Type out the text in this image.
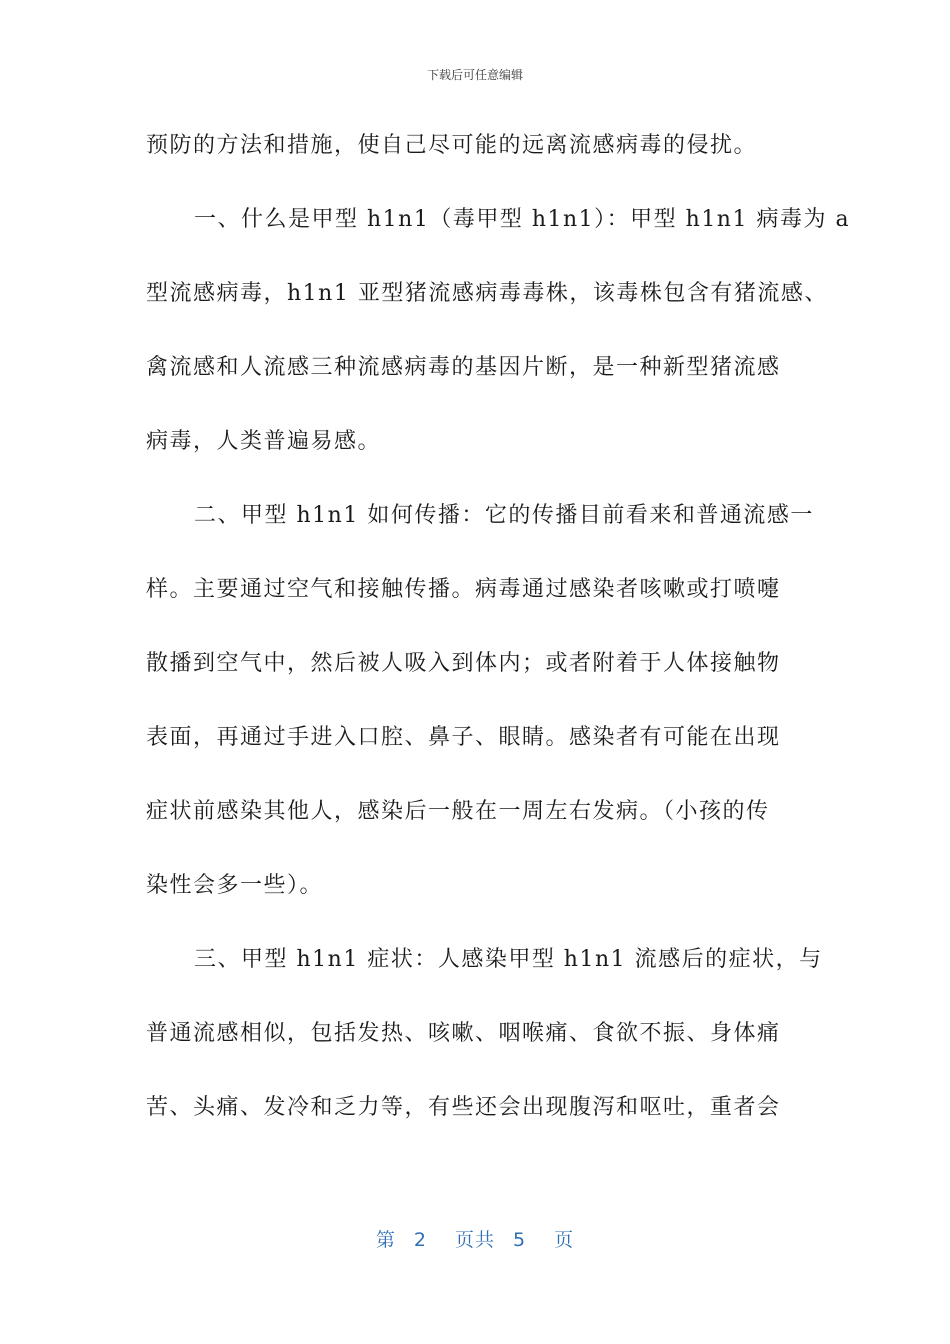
下载后可任意编辑
预防的方法和措施，使自己尽可能的远离流感病毒的侵扰。
一、什么是甲型 h1n1（毒甲型 h1n1）：甲型 h1n1 病毒为 a
型流感病毒，h1n1 亚型猪流感病毒毒株，该毒株包含有猪流感、
禽流感和人流感三种流感病毒的基因片断，是一种新型猪流感
病毒，人类普遍易感。
二、甲型 h1n1 如何传播：它的传播目前看来和普通流感一
样。主要通过空气和接触传播。病毒通过感染者咳嗽或打喷嚏
散播到空气中，然后被人吸入到体内；或者附着于人体接触物
表面，再通过手进入口腔、鼻子、眼睛。感染者有可能在出现
症状前感染其他人，感染后一般在一周左右发病。（小孩的传
染性会多一些）。
三、甲型 h1n1 症状：人感染甲型 h1n1 流感后的症状，与
普通流感相似，包括发热、咳嗽、咽喉痛、食欲不振、身体痛
苦、头痛、发冷和乏力等，有些还会出现腹泻和呕吐，重者会
第 2 页共 5 页
